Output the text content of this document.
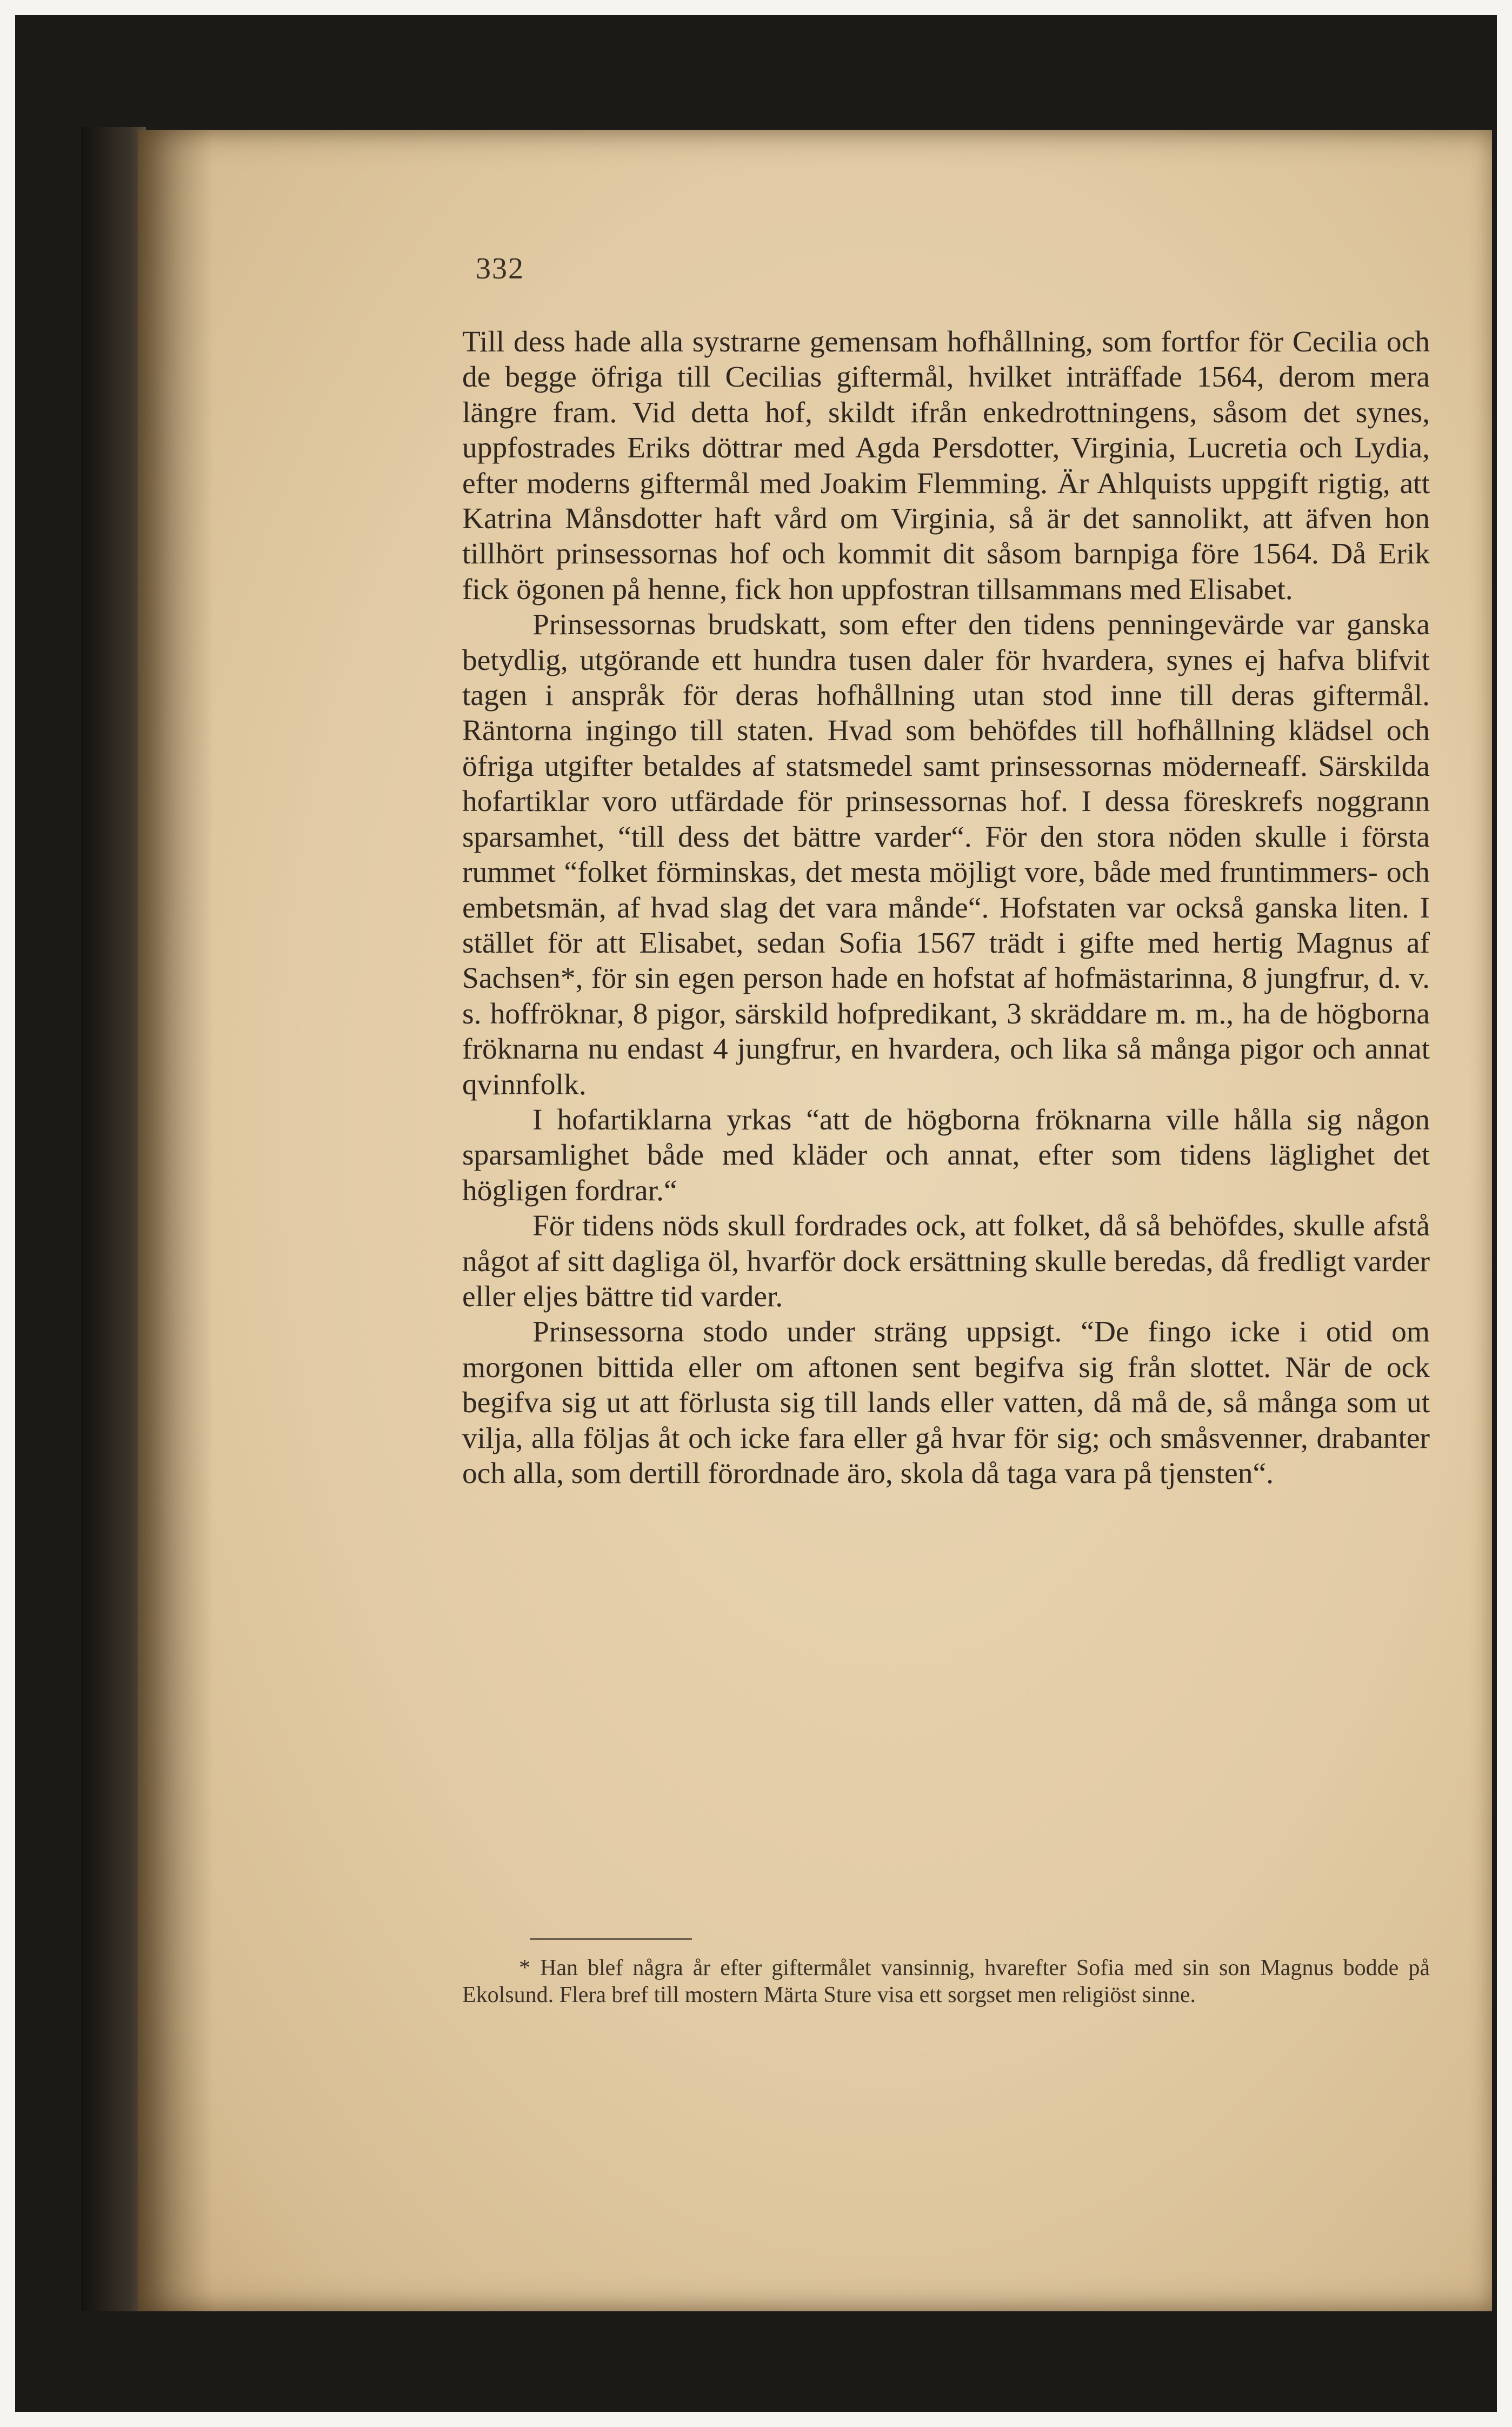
332

Till dess hade alla systrarne gemensam hofhållning, som fortfor för Cecilia och de begge öfriga till Cecilias giftermål, hvilket inträffade 1564, derom mera längre fram. Vid detta hof, skildt ifrån enkedrottningens, såsom det synes, uppfostrades Eriks döttrar med Agda Persdotter, Virginia, Lucretia och Lydia, efter moderns giftermål med Joakim Flemming. Är Ahlquists uppgift rigtig, att Katrina Månsdotter haft vård om Virginia, så är det sannolikt, att äfven hon tillhört prinsessornas hof och kommit dit såsom barnpiga före 1564. Då Erik fick ögonen på henne, fick hon uppfostran tillsammans med Elisabet.

Prinsessornas brudskatt, som efter den tidens penningevärde var ganska betydlig, utgörande ett hundra tusen daler för hvardera, synes ej hafva blifvit tagen i anspråk för deras hofhållning utan stod inne till deras giftermål. Räntorna ingingo till staten. Hvad som behöfdes till hofhållning klädsel och öfriga utgifter betaldes af statsmedel samt prinsessornas möderneaff. Särskilda hofartiklar voro utfärdade för prinsessornas hof. I dessa föreskrefs noggrann sparsamhet, “till dess det bättre varder“. För den stora nöden skulle i första rummet “folket förminskas, det mesta möjligt vore, både med fruntimmers- och embetsmän, af hvad slag det vara månde“. Hofstaten var också ganska liten. I stället för att Elisabet, sedan Sofia 1567 trädt i gifte med hertig Magnus af Sachsen*, för sin egen person hade en hofstat af hofmästarinna, 8 jungfrur, d. v. s. hoffröknar, 8 pigor, särskild hofpredikant, 3 skräddare m. m., ha de högborna fröknarna nu endast 4 jungfrur, en hvardera, och lika så många pigor och annat qvinnfolk.

I hofartiklarna yrkas “att de högborna fröknarna ville hålla sig någon sparsamlighet både med kläder och annat, efter som tidens läglighet det högligen fordrar.“

För tidens nöds skull fordrades ock, att folket, då så behöfdes, skulle afstå något af sitt dagliga öl, hvarför dock ersättning skulle beredas, då fredligt varder eller eljes bättre tid varder.

Prinsessorna stodo under sträng uppsigt. “De fingo icke i otid om morgonen bittida eller om aftonen sent begifva sig från slottet. När de ock begifva sig ut att förlusta sig till lands eller vatten, då må de, så många som ut vilja, alla följas åt och icke fara eller gå hvar för sig; och småsvenner, drabanter och alla, som dertill förordnade äro, skola då taga vara på tjensten“.

* Han blef några år efter giftermålet vansinnig, hvarefter Sofia med sin son Magnus bodde på Ekolsund. Flera bref till mostern Märta Sture visa ett sorgset men religiöst sinne.
